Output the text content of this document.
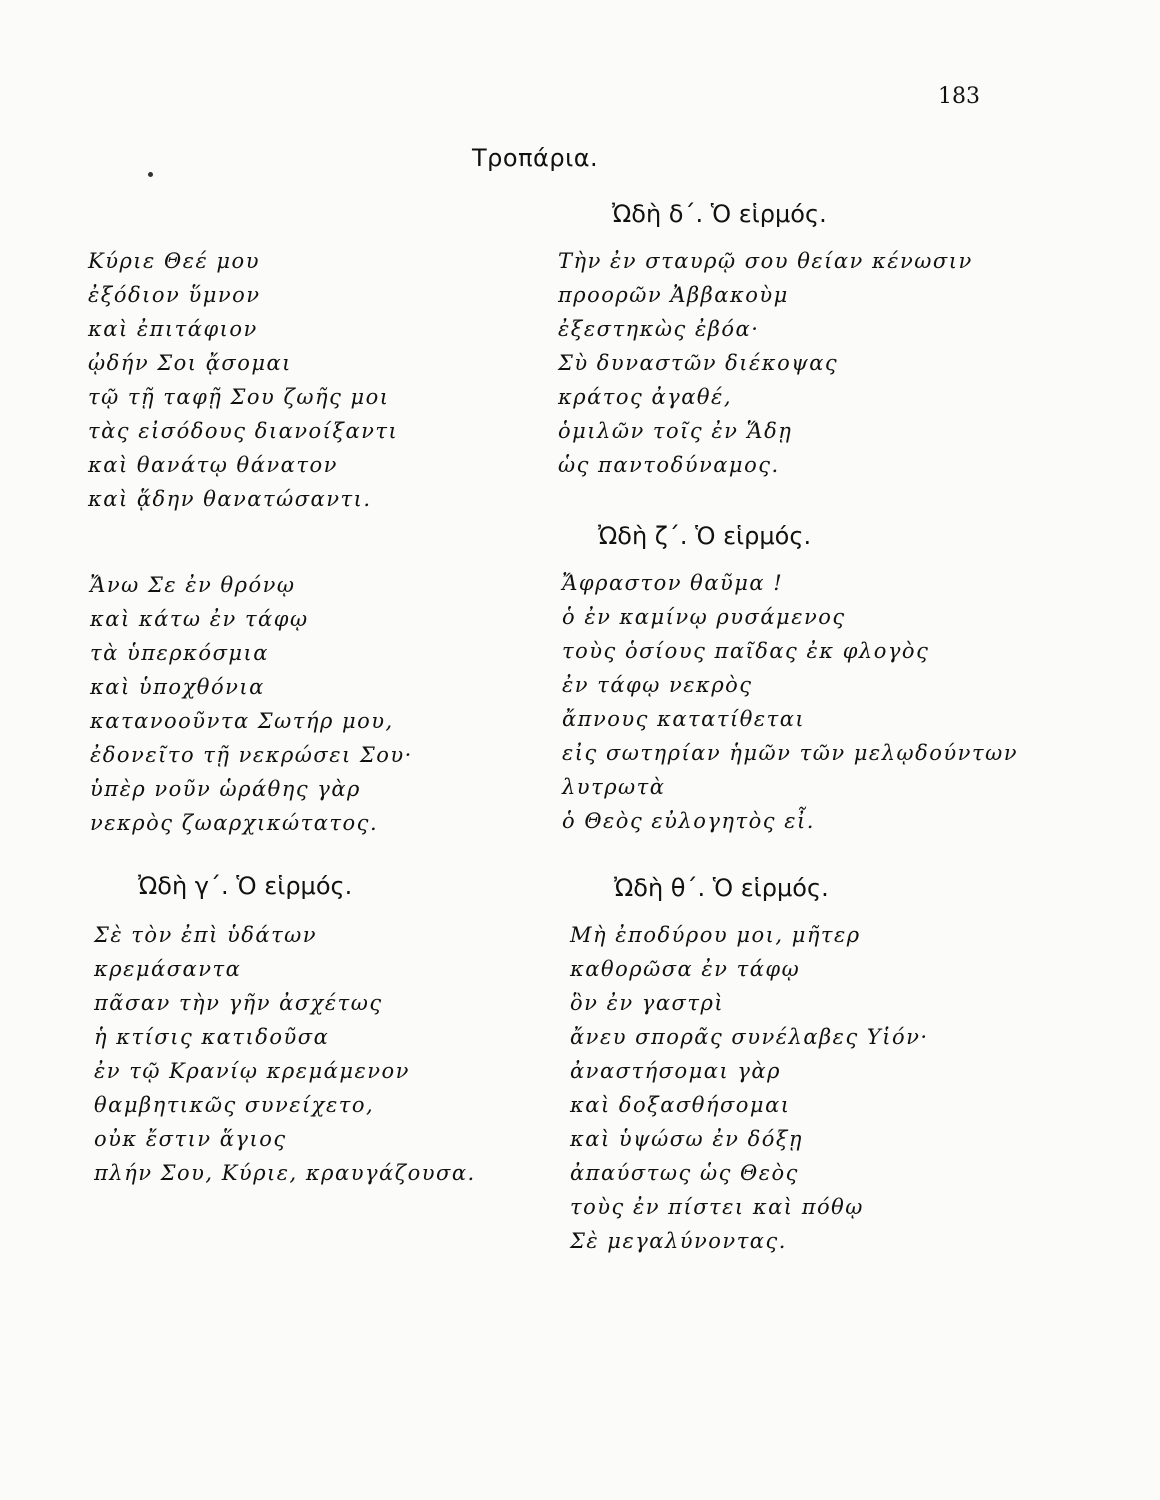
183
Τροπάρια.
Κύριε Θεέ μου
ἐξόδιον ὕμνον
καὶ ἐπιτάφιον
ᾠδήν Σοι ᾄσομαι
τῷ τῇ ταφῇ Σου ζωῆς μοι
τὰς εἰσόδους διανοίξαντι
καὶ θανάτῳ θάνατον
καὶ ᾅδην θανατώσαντι.
Ἄνω Σε ἐν θρόνῳ
καὶ κάτω ἐν τάφῳ
τὰ ὑπερκόσμια
καὶ ὑποχθόνια
κατανοοῦντα Σωτήρ μου,
ἐδονεῖτο τῇ νεκρώσει Σου·
ὑπὲρ νοῦν ὡράθης γὰρ
νεκρὸς ζωαρχικώτατος.
Ὠδὴ γ΄. Ὁ εἱρμός.
Σὲ τὸν ἐπὶ ὑδάτων
κρεμάσαντα
πᾶσαν τὴν γῆν ἀσχέτως
ἡ κτίσις κατιδοῦσα
ἐν τῷ Κρανίῳ κρεμάμενον
θαμβητικῶς συνείχετο,
οὐκ ἔστιν ἅγιος
πλήν Σου, Κύριε, κραυγάζουσα.
Ὠδὴ δ΄. Ὁ εἱρμός.
Τὴν ἐν σταυρῷ σου θείαν κένωσιν
προορῶν Ἀββακοὺμ
ἐξεστηκὼς ἐβόα·
Σὺ δυναστῶν διέκοψας
κράτος ἀγαθέ,
ὁμιλῶν τοῖς ἐν Ἅδῃ
ὡς παντοδύναμος.
Ὠδὴ ζ΄. Ὁ εἱρμός.
Ἄφραστον θαῦμα !
ὁ ἐν καμίνῳ ρυσάμενος
τοὺς ὁσίους παῖδας ἐκ φλογὸς
ἐν τάφῳ νεκρὸς
ἄπνους κατατίθεται
εἰς σωτηρίαν ἡμῶν τῶν μελῳδούντων
λυτρωτὰ
ὁ Θεὸς εὐλογητὸς εἶ.
Ὠδὴ θ΄. Ὁ εἱρμός.
Μὴ ἐποδύρου μοι, μῆτερ
καθορῶσα ἐν τάφῳ
ὃν ἐν γαστρὶ
ἄνευ σπορᾶς συνέλαβες Υἱόν·
ἀναστήσομαι γὰρ
καὶ δοξασθήσομαι
καὶ ὑψώσω ἐν δόξῃ
ἀπαύστως ὡς Θεὸς
τοὺς ἐν πίστει καὶ πόθῳ
Σὲ μεγαλύνοντας.
